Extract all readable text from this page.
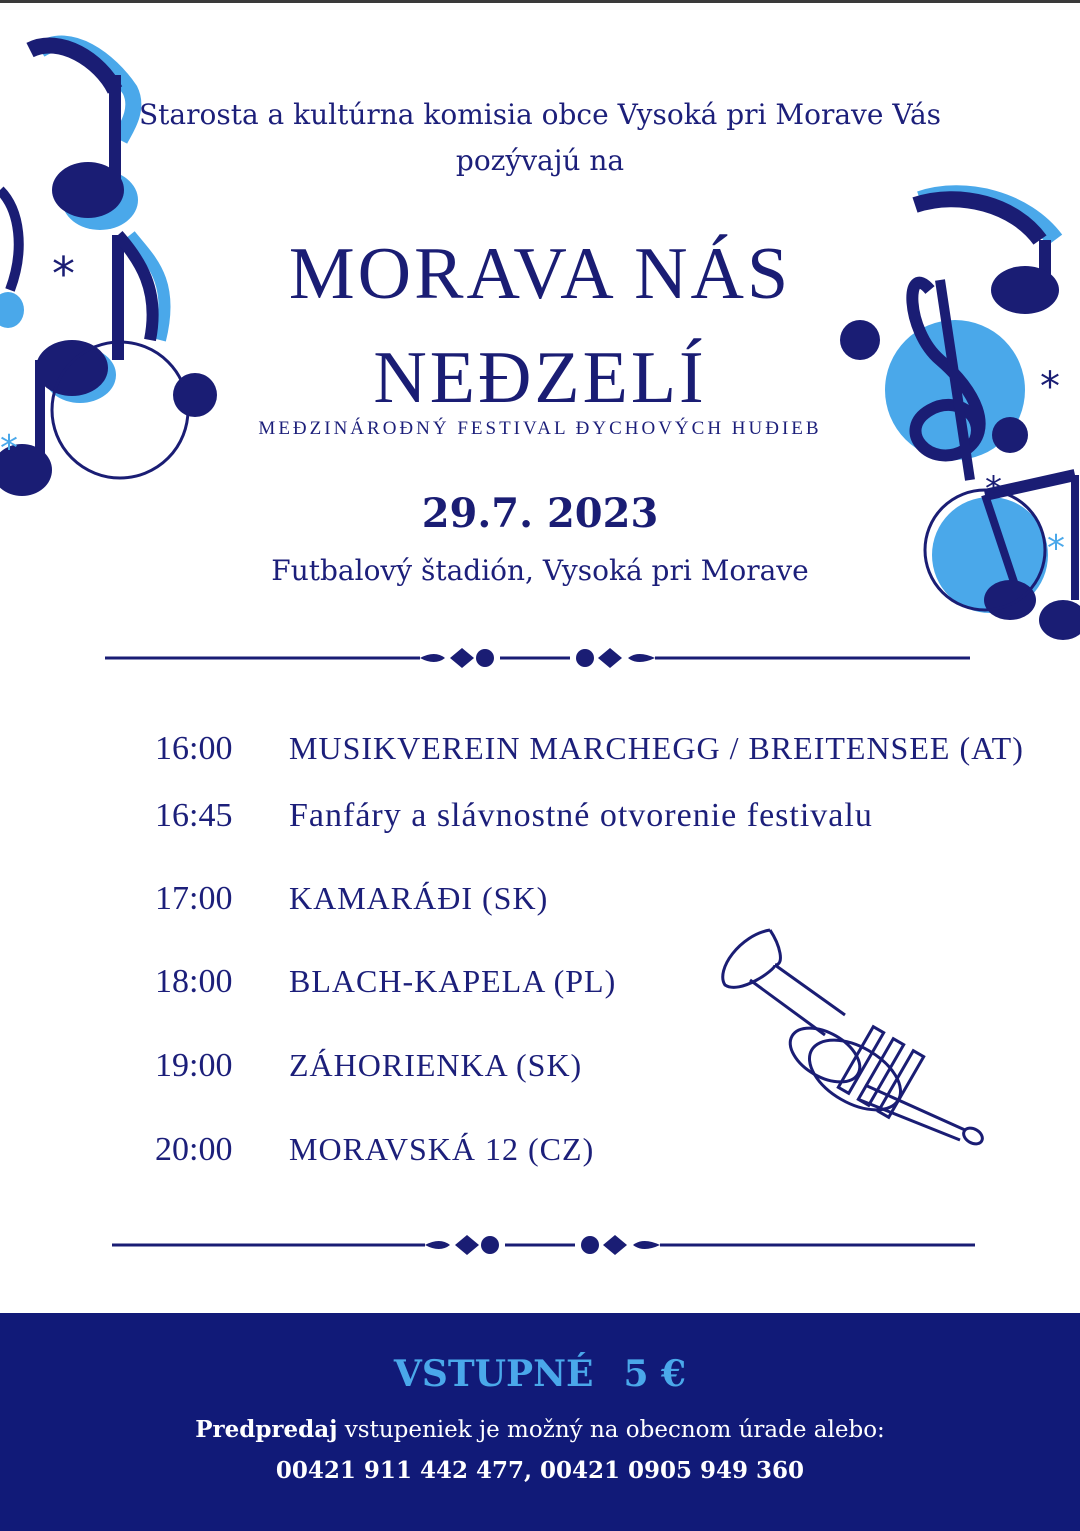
*
*
*
*
*
Starosta a kultúrna komisia obce Vysoká pri Morave Vás
pozývajú na
MORAVA NÁS
NEĐZELÍ
MEĐZINÁROĐNÝ FESTIVAL ĐYCHOVÝCH HUĐIEB
29.7. 2023
Futbalový štadión, Vysoká pri Morave
16:00	MUSIKVEREIN MARCHEGG / BREITENSEE (AT)
16:45	Fanfáry a slávnostné otvorenie festivalu
17:00	KAMARÁĐI (SK)
18:00	BLACH-KAPELA (PL)
19:00	ZÁHORIENKA (SK)
20:00	MORAVSKÁ 12 (CZ)
VSTUPNÉ 5 €
Predpredaj vstupeniek je možný na obecnom úrade alebo:
00421 911 442 477, 00421 0905 949 360
